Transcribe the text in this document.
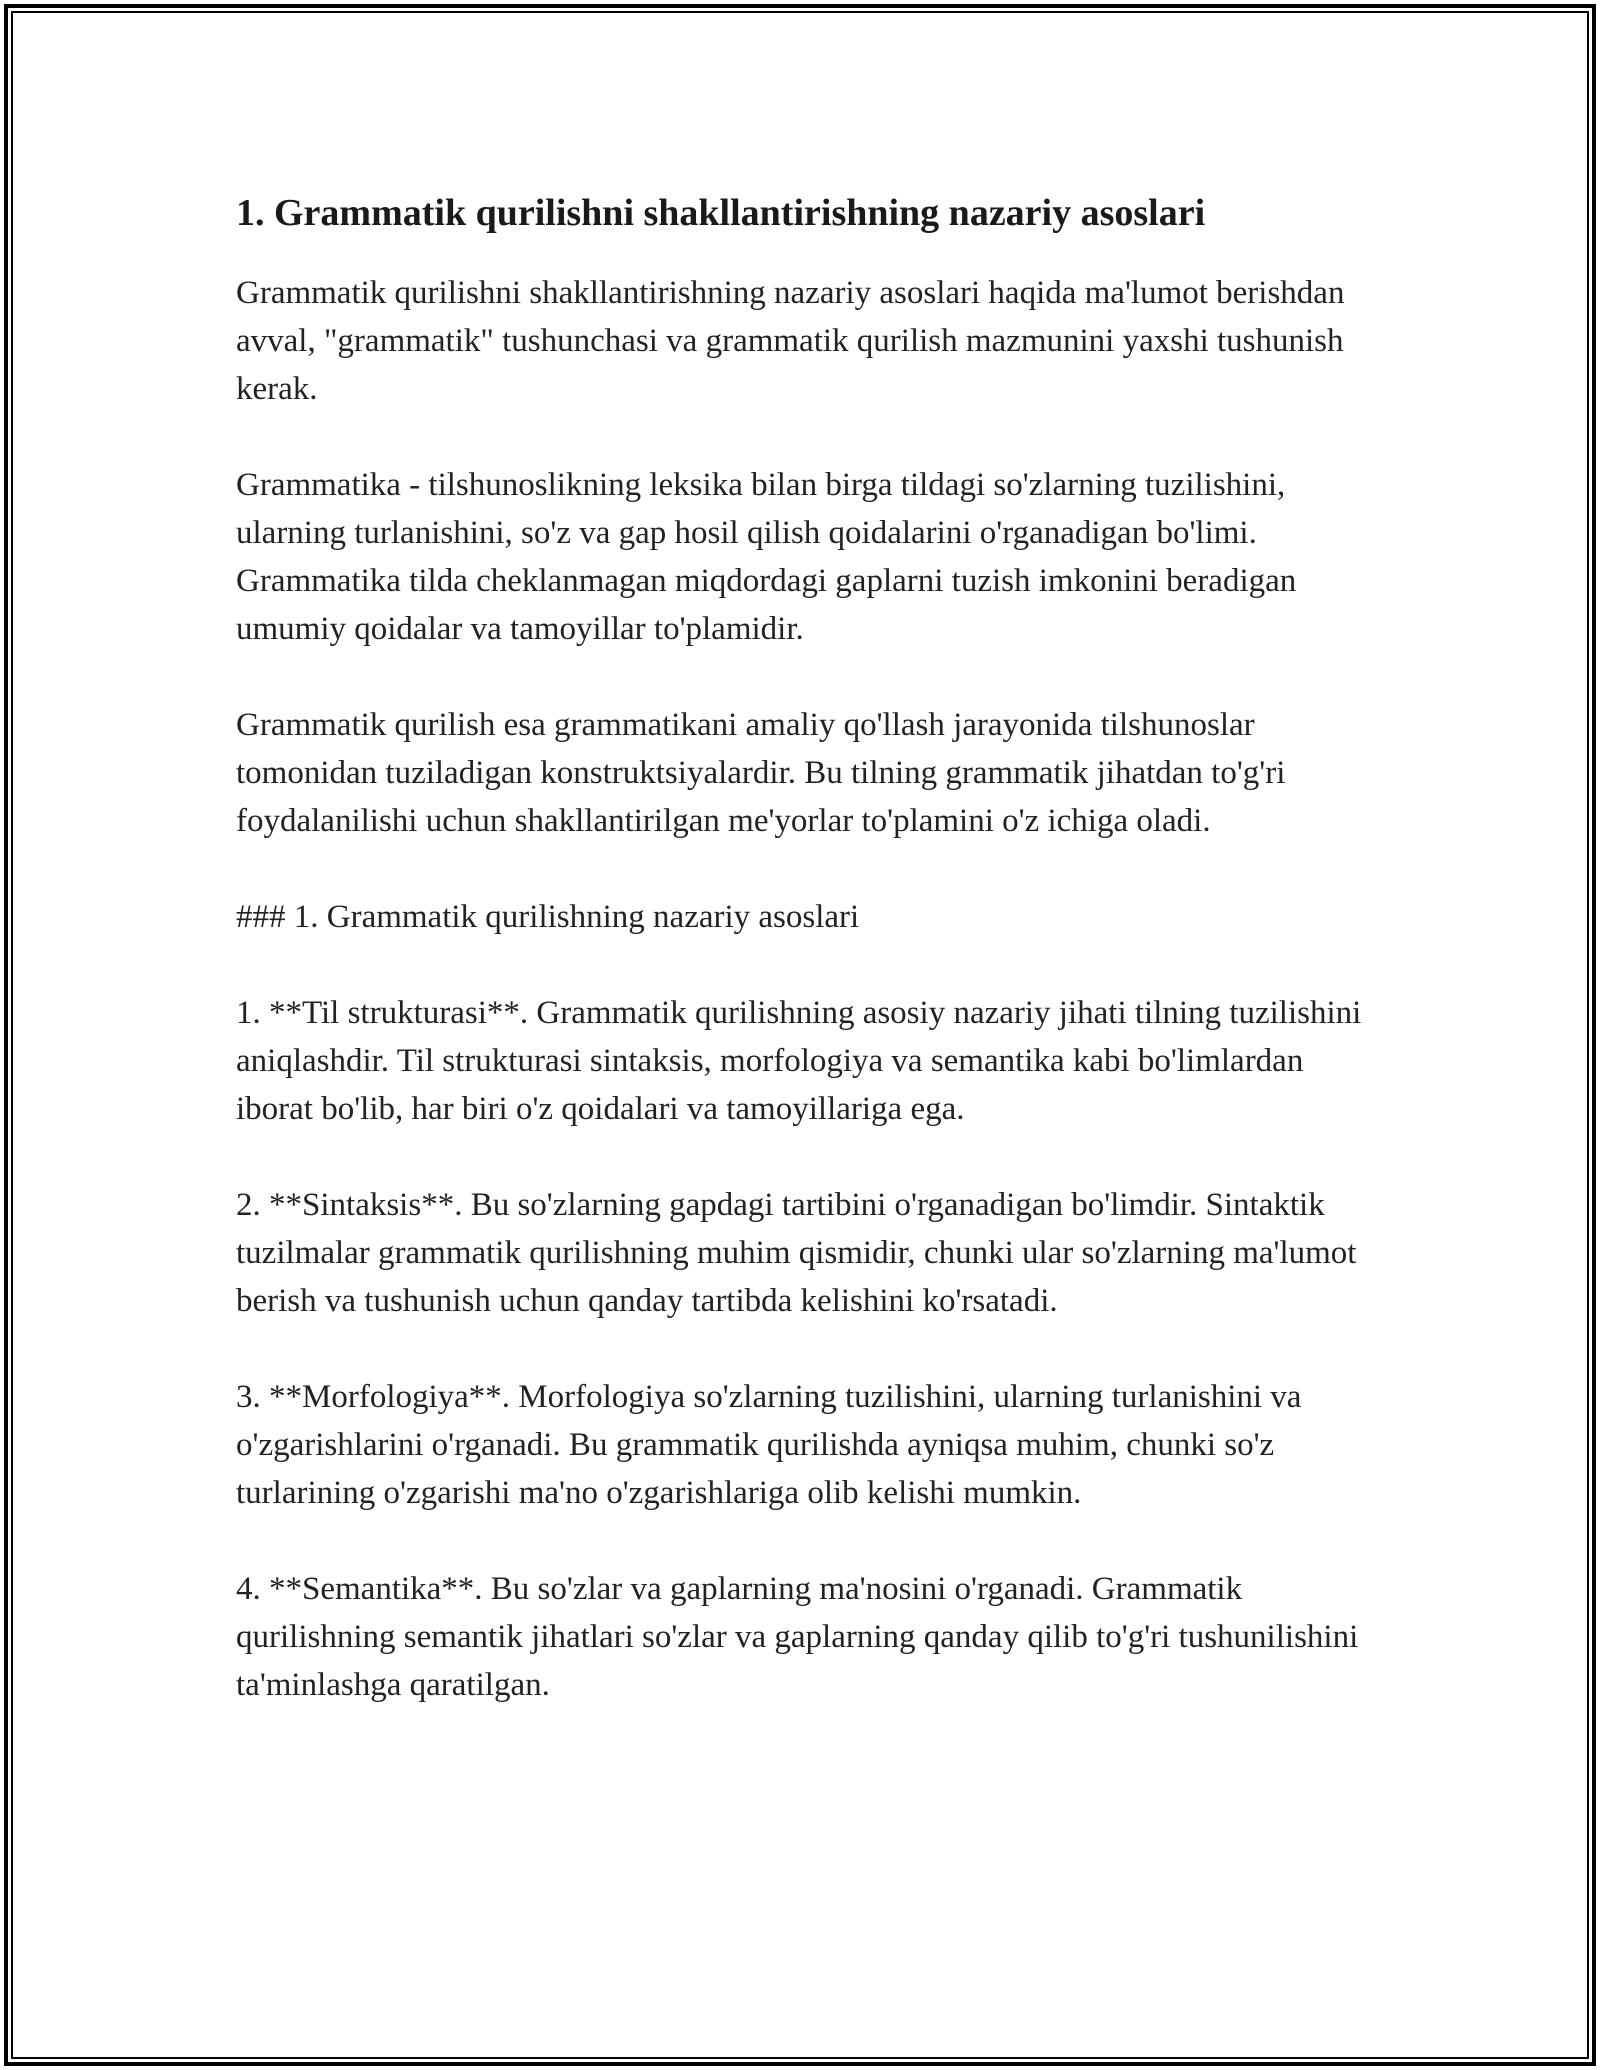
1. Grammatik qurilishni shakllantirishning nazariy asoslari

Grammatik qurilishni shakllantirishning nazariy asoslari haqida ma'lumot berishdan avval, "grammatik" tushunchasi va grammatik qurilish mazmunini yaxshi tushunish kerak.

Grammatika - tilshunoslikning leksika bilan birga tildagi so'zlarning tuzilishini, ularning turlanishini, so'z va gap hosil qilish qoidalarini o'rganadigan bo'limi. Grammatika tilda cheklanmagan miqdordagi gaplarni tuzish imkonini beradigan umumiy qoidalar va tamoyillar to'plamidir.

Grammatik qurilish esa grammatikani amaliy qo'llash jarayonida tilshunoslar tomonidan tuziladigan konstruktsiyalardir. Bu tilning grammatik jihatdan to'g'ri foydalanilishi uchun shakllantirilgan me'yorlar to'plamini o'z ichiga oladi.

### 1. Grammatik qurilishning nazariy asoslari

1. **Til strukturasi**. Grammatik qurilishning asosiy nazariy jihati tilning tuzilishini aniqlashdir. Til strukturasi sintaksis, morfologiya va semantika kabi bo'limlardan iborat bo'lib, har biri o'z qoidalari va tamoyillariga ega.

2. **Sintaksis**. Bu so'zlarning gapdagi tartibini o'rganadigan bo'limdir. Sintaktik tuzilmalar grammatik qurilishning muhim qismidir, chunki ular so'zlarning ma'lumot berish va tushunish uchun qanday tartibda kelishini ko'rsatadi.

3. **Morfologiya**. Morfologiya so'zlarning tuzilishini, ularning turlanishini va o'zgarishlarini o'rganadi. Bu grammatik qurilishda ayniqsa muhim, chunki so'z turlarining o'zgarishi ma'no o'zgarishlariga olib kelishi mumkin.

4. **Semantika**. Bu so'zlar va gaplarning ma'nosini o'rganadi. Grammatik qurilishning semantik jihatlari so'zlar va gaplarning qanday qilib to'g'ri tushunilishini ta'minlashga qaratilgan.
